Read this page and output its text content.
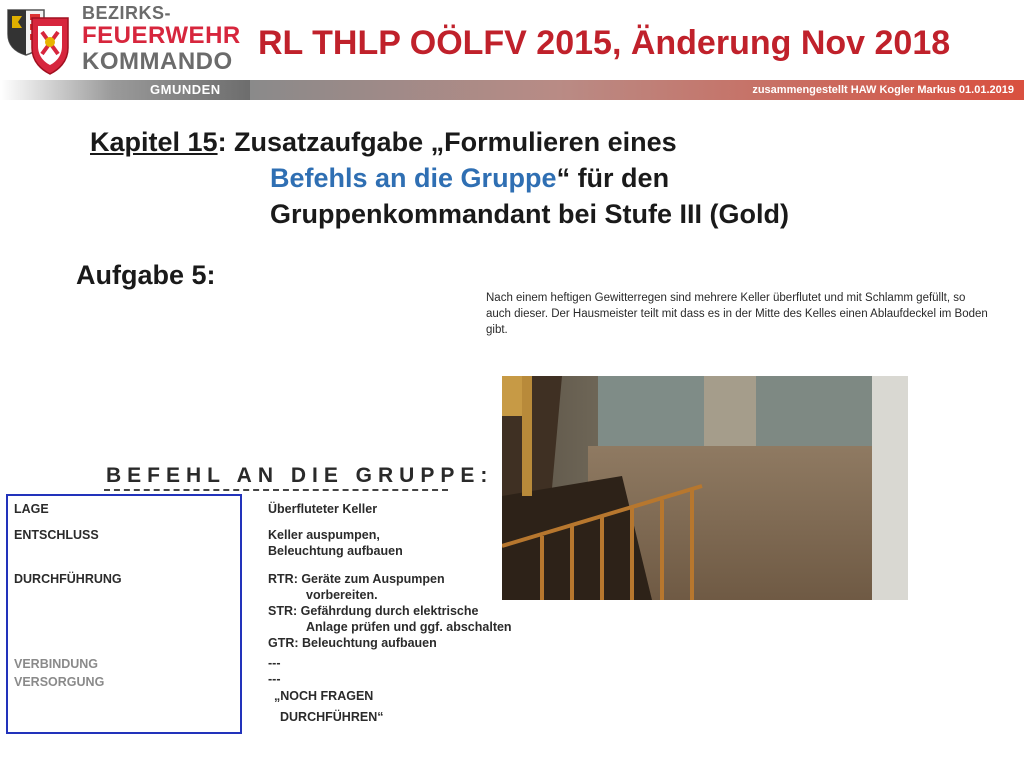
BEZIRKS-
FEUERWEHR
KOMMANDO
GMUNDEN	zusammengestellt HAW Kogler Markus 01.01.2019
RL THLP OÖLFV 2015, Änderung Nov 2018
Kapitel 15: Zusatzaufgabe „Formulieren eines
Befehls an die Gruppe“ für den
Gruppenkommandant bei Stufe III (Gold)
Aufgabe 5:
Nach einem heftigen Gewitterregen sind mehrere Keller überflutet und mit Schlamm gefüllt, so
auch dieser. Der Hausmeister teilt mit dass es in der Mitte des Kelles einen Ablaufdeckel im Boden
gibt.
BEFEHL AN DIE GRUPPE:
LAGE
ENTSCHLUSS
DURCHFÜHRUNG
VERBINDUNG
VERSORGUNG
Überfluteter Keller
Keller auspumpen,
Beleuchtung aufbauen
RTR: Geräte zum Auspumpen
vorbereiten.
STR: Gefährdung durch elektrische
Anlage prüfen und ggf. abschalten
GTR: Beleuchtung aufbauen
---
---
„NOCH FRAGEN
DURCHFÜHREN“
